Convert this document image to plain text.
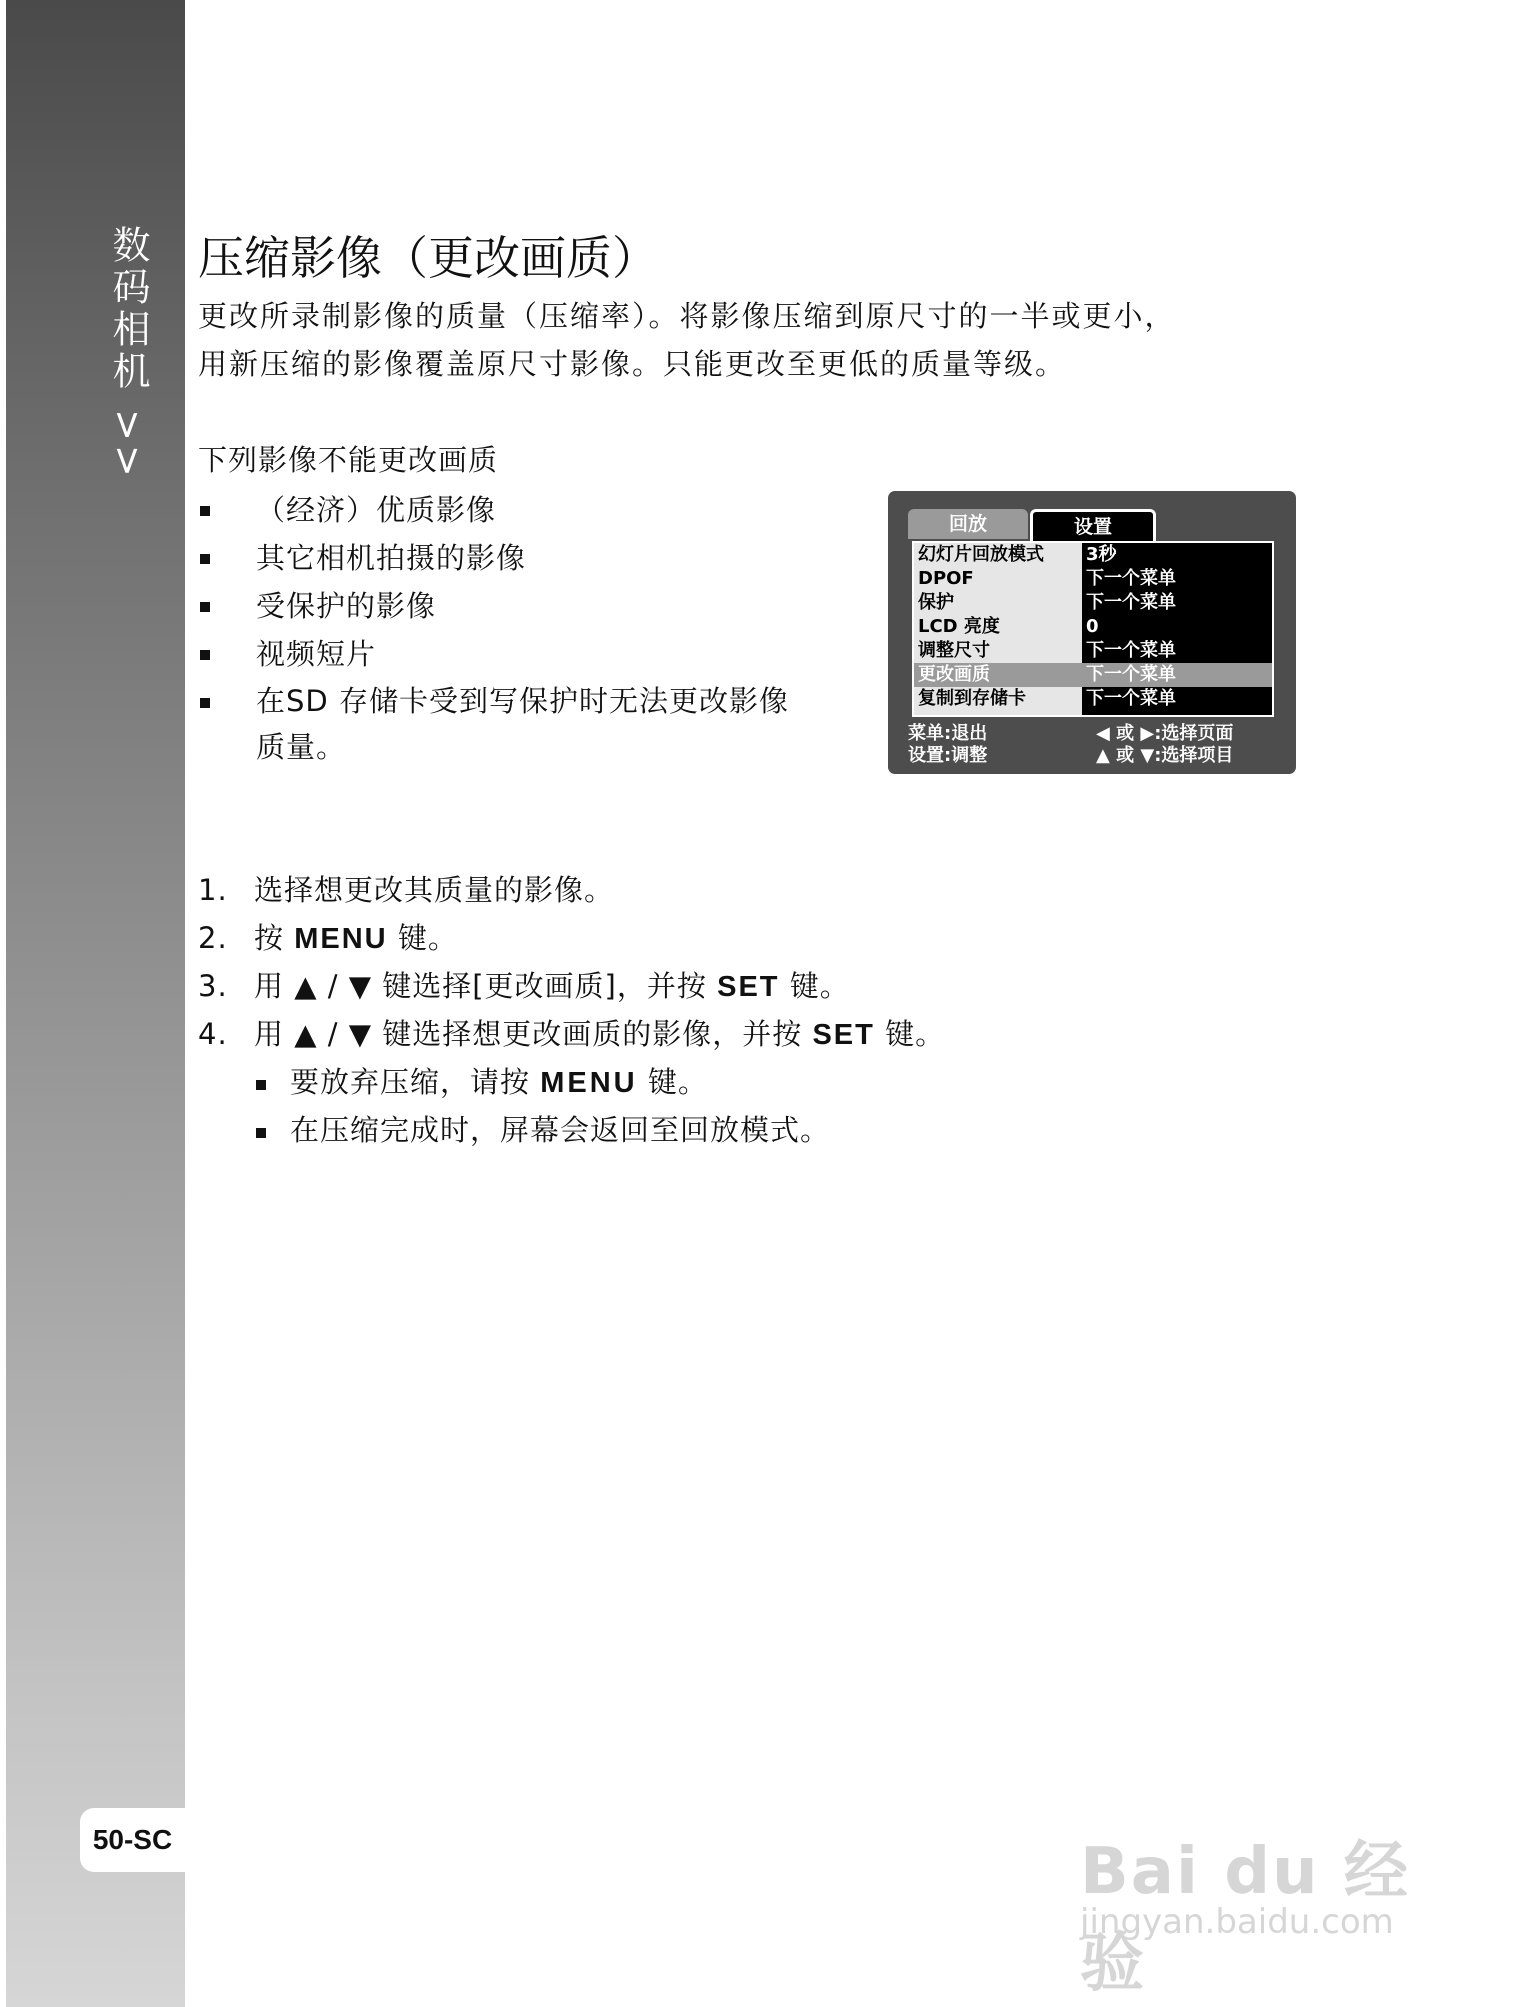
数码相机 >>
50-SC
压缩影像（更改画质）

更改所录制影像的质量（压缩率）。将影像压缩到原尺寸的一半或更小，

用新压缩的影像覆盖原尺寸影像。只能更改至更低的质量等级。

下列影像不能更改画质
（经济）优质影像
其它相机拍摄的影像
受保护的影像
视频短片
在SD 存储卡受到写保护时无法更改影像
质量。
回放	设置
幻灯片回放模式 3秒
DPOF	下一个菜单
保护	下一个菜单
LCD 亮度	0
调整尺寸	下一个菜单
更改画质	下一个菜单
复制到存储卡	下一个菜单
菜单:退出
设置:调整
◀ 或 ▶:选择页面
▲ 或 ▼:选择项目
1. 选择想更改其质量的影像。
2. 按 MENU 键。
3. 用 ▲ / ▼ 键选择[更改画质]，并按 SET 键。
4. 用 ▲ / ▼ 键选择想更改画质的影像，并按 SET 键。
要放弃压缩，请按 MENU 键。
在压缩完成时，屏幕会返回至回放模式。
Bai du 经验
jingyan.baidu.com
